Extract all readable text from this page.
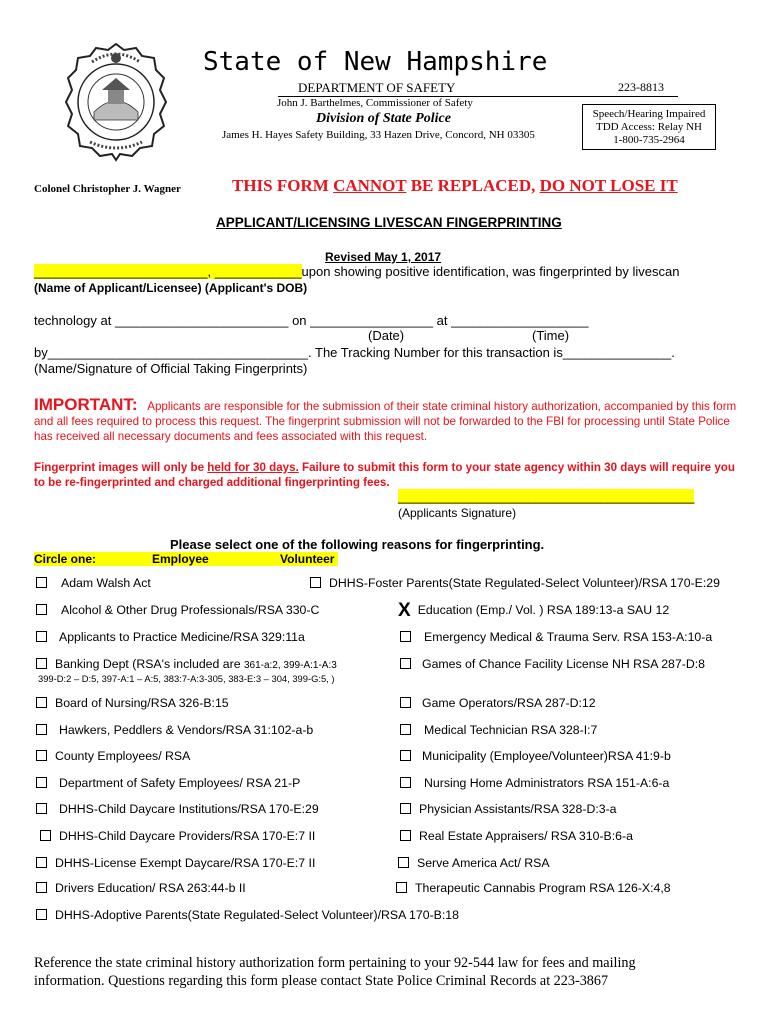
State of New Hampshire
DEPARTMENT OF SAFETY	223-8813
John J. Barthelmes, Commissioner of Safety
Division of State Police
James H. Hayes Safety Building, 33 Hazen Drive, Concord, NH 03305
Speech/Hearing Impaired
TDD Access: Relay NH
1-800-735-2964
Colonel Christopher J. Wagner	THIS FORM CANNOT BE REPLACED, DO NOT LOSE IT
APPLICANT/LICENSING LIVESCAN FINGERPRINTING
Revised May 1, 2017
________________________, ____________upon showing positive identification, was fingerprinted by livescan
(Name of Applicant/Licensee) (Applicant's DOB)
technology at ________________________ on _________________ at ___________________
(Date)	(Time)
by____________________________________. The Tracking Number for this transaction is_______________.
(Name/Signature of Official Taking Fingerprints)

IMPORTANT: Applicants are responsible for the submission of their state criminal history authorization, accompanied by this form and all fees required to process this request. The fingerprint submission will not be forwarded to the FBI for processing until State Police has received all necessary documents and fees associated with this request.

Fingerprint images will only be held for 30 days. Failure to submit this form to your state agency within 30 days will require you to be re-fingerprinted and charged additional fingerprinting fees.

_________________________________________
(Applicants Signature)
Please select one of the following reasons for fingerprinting.
Circle one:	Employee	Volunteer
Adam Walsh Act
Alcohol & Other Drug Professionals/RSA 330-C
Applicants to Practice Medicine/RSA 329:11a
Banking Dept (RSA's included are 361-a:2, 399-A:1-A:3
399-D:2 – D:5, 397-A:1 – A:5, 383:7-A:3-305, 383-E:3 – 304, 399-G:5, )
Board of Nursing/RSA 326-B:15
Hawkers, Peddlers & Vendors/RSA 31:102-a-b
County Employees/ RSA
Department of Safety Employees/ RSA 21-P
DHHS-Child Daycare Institutions/RSA 170-E:29
DHHS-Child Daycare Providers/RSA 170-E:7 II
DHHS-License Exempt Daycare/RSA 170-E:7 II
Drivers Education/ RSA 263:44-b II
DHHS-Foster Parents(State Regulated-Select Volunteer)/RSA 170-E:29
X Education (Emp./ Vol. ) RSA 189:13-a SAU 12
Emergency Medical & Trauma Serv. RSA 153-A:10-a
Games of Chance Facility License NH RSA 287-D:8
Game Operators/RSA 287-D:12
Medical Technician RSA 328-I:7
Municipality (Employee/Volunteer)RSA 41:9-b
Nursing Home Administrators RSA 151-A:6-a
Physician Assistants/RSA 328-D:3-a
Real Estate Appraisers/ RSA 310-B:6-a
Serve America Act/ RSA
Therapeutic Cannabis Program RSA 126-X:4,8
DHHS-Adoptive Parents(State Regulated-Select Volunteer)/RSA 170-B:18

Reference the state criminal history authorization form pertaining to your 92-544 law for fees and mailing information. Questions regarding this form please contact State Police Criminal Records at 223-3867
